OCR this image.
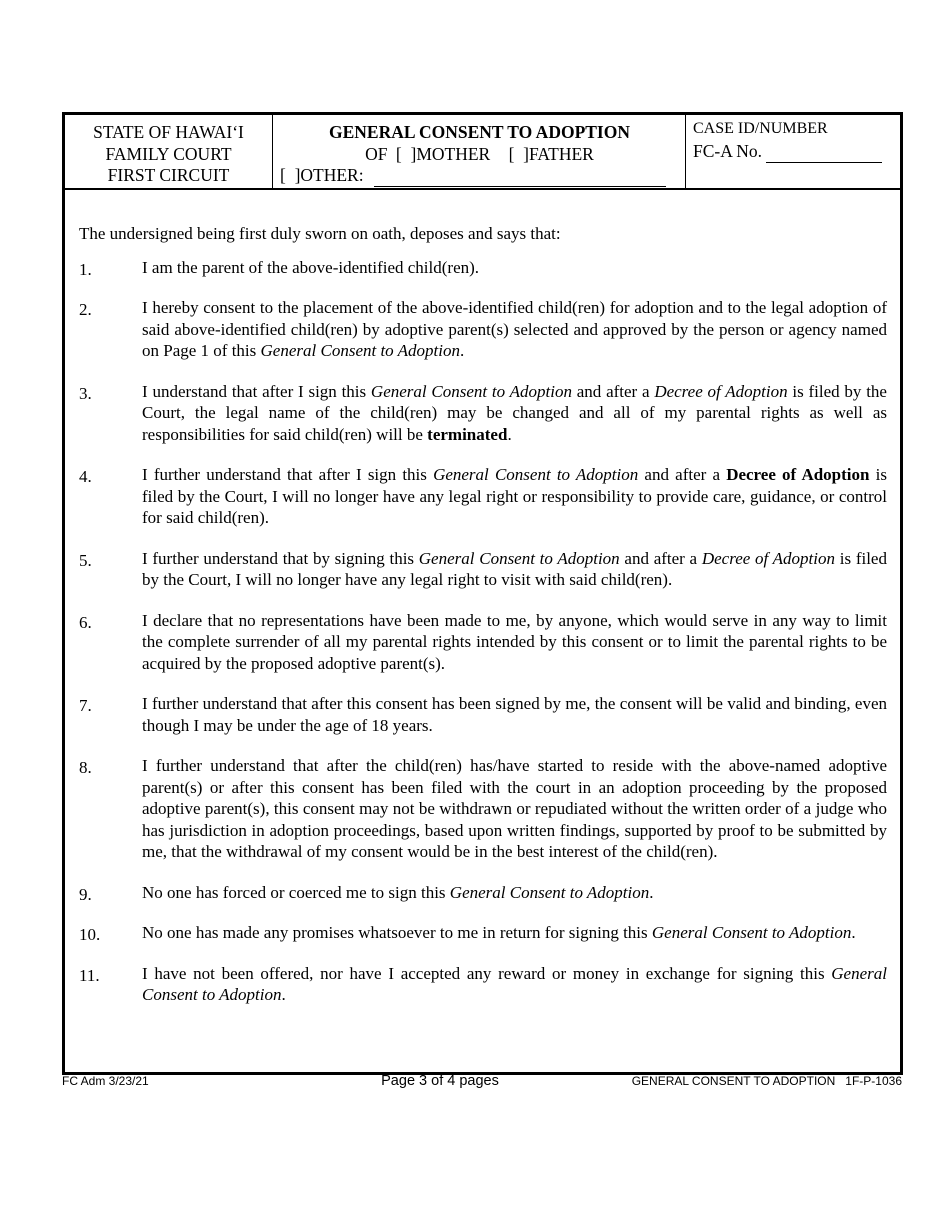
STATE OF HAWAI‘I
FAMILY COURT
FIRST CIRCUIT
GENERAL CONSENT TO ADOPTION
OF [  ]MOTHER [  ]FATHER
[  ] OTHER:
CASE ID/NUMBER
FC-A No.

The undersigned being first duly sworn on oath, deposes and says that:

1.	I am the parent of the above-identified child(ren).
2.	I hereby consent to the placement of the above-identified child(ren) for adoption and to the legal adoption of said above-identified child(ren) by adoptive parent(s) selected and approved by the person or agency named on Page 1 of this General Consent to Adoption.
3.	I understand that after I sign this General Consent to Adoption and after a Decree of Adoption is filed by the Court, the legal name of the child(ren) may be changed and all of my parental rights as well as responsibilities for said child(ren) will be terminated.
4.	I further understand that after I sign this General Consent to Adoption and after a Decree of Adoption is filed by the Court, I will no longer have any legal right or responsibility to provide care, guidance, or control for said child(ren).
5.	I further understand that by signing this General Consent to Adoption and after a Decree of Adoption is filed by the Court, I will no longer have any legal right to visit with said child(ren).
6.	I declare that no representations have been made to me, by anyone, which would serve in any way to limit the complete surrender of all my parental rights intended by this consent or to limit the parental rights to be acquired by the proposed adoptive parent(s).
7.	I further understand that after this consent has been signed by me, the consent will be valid and binding, even though I may be under the age of 18 years.
8.	I further understand that after the child(ren) has/have started to reside with the above-named adoptive parent(s) or after this consent has been filed with the court in an adoption proceeding by the proposed adoptive parent(s), this consent may not be withdrawn or repudiated without the written order of a judge who has jurisdiction in adoption proceedings, based upon written findings, supported by proof to be submitted by me, that the withdrawal of my consent would be in the best interest of the child(ren).
9.	No one has forced or coerced me to sign this General Consent to Adoption.
10. No one has made any promises whatsoever to me in return for signing this General Consent to Adoption.
11. I have not been offered, nor have I accepted any reward or money in exchange for signing this General Consent to Adoption.
FC Adm 3/23/21	Page 3 of 4 pages	GENERAL CONSENT TO ADOPTION   1F-P-1036
